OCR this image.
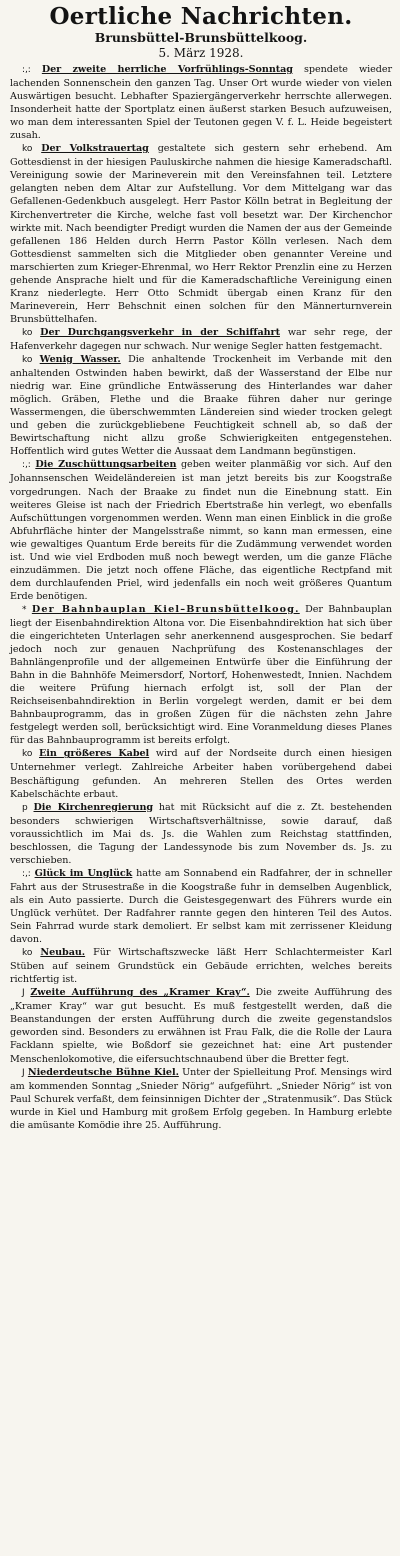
Oertliche Nachrichten.
Brunsbüttel-Brunsbüttelkoog.
5. März 1928.

:,: Der zweite herrliche Vorfrühlings-Sonntag spendete wieder lachenden Sonnenschein den ganzen Tag. Unser Ort wurde wieder von vielen Auswärtigen besucht. Lebhafter Spaziergängerverkehr herrschte allerwegen. Insonderheit hatte der Sportplatz einen äußerst starken Besuch aufzuweisen, wo man dem interessanten Spiel der Teutonen gegen V. f. L. Heide begeistert zusah.

ko Der Volkstrauertag gestaltete sich gestern sehr erhebend. Am Gottesdienst in der hiesigen Pauluskirche nahmen die hiesige Kameradschaftl. Vereinigung sowie der Marineverein mit den Vereinsfahnen teil. Letztere gelangten neben dem Altar zur Aufstellung. Vor dem Mittelgang war das Gefallenen-Gedenkbuch ausgelegt. Herr Pastor Kölln betrat in Begleitung der Kirchenvertreter die Kirche, welche fast voll besetzt war. Der Kirchenchor wirkte mit. Nach beendigter Predigt wurden die Namen der aus der Gemeinde gefallenen 186 Helden durch Herrn Pastor Kölln verlesen. Nach dem Gottesdienst sammelten sich die Mitglieder oben genannter Vereine und marschierten zum Krieger-Ehrenmal, wo Herr Rektor Prenzlin eine zu Herzen gehende Ansprache hielt und für die Kameradschaftliche Vereinigung einen Kranz niederlegte. Herr Otto Schmidt übergab einen Kranz für den Marineverein, Herr Behschnit einen solchen für den Männerturnverein Brunsbüttelhafen.

ko Der Durchgangsverkehr in der Schiffahrt war sehr rege, der Hafenverkehr dagegen nur schwach. Nur wenige Segler hatten festgemacht.

ko Wenig Wasser. Die anhaltende Trockenheit im Verbande mit den anhaltenden Ostwinden haben bewirkt, daß der Wasserstand der Elbe nur niedrig war. Eine gründliche Entwässerung des Hinterlandes war daher möglich. Gräben, Flethe und die Braake führen daher nur geringe Wassermengen, die überschwemmten Ländereien sind wieder trocken gelegt und geben die zurückgebliebene Feuchtigkeit schnell ab, so daß der Bewirtschaftung nicht allzu große Schwierigkeiten entgegenstehen. Hoffentlich wird gutes Wetter die Aussaat dem Landmann begünstigen.

:,: Die Zuschüttungsarbeiten geben weiter planmäßig vor sich. Auf den Johannsenschen Weideländereien ist man jetzt bereits bis zur Koogstraße vorgedrungen. Nach der Braake zu findet nun die Einebnung statt. Ein weiteres Gleise ist nach der Friedrich Ebertstraße hin verlegt, wo ebenfalls Aufschüttungen vorgenommen werden. Wenn man einen Einblick in die große Abfuhrfläche hinter der Mangelsstraße nimmt, so kann man ermessen, eine wie gewaltiges Quantum Erde bereits für die Zudämmung verwendet worden ist. Und wie viel Erdboden muß noch bewegt werden, um die ganze Fläche einzudämmen. Die jetzt noch offene Fläche, das eigentliche Rectpfand mit dem durchlaufenden Priel, wird jedenfalls ein noch weit größeres Quantum Erde benötigen.

* Der Bahnbauplan Kiel–Brunsbüttelkoog. Der Bahnbauplan liegt der Eisenbahndirektion Altona vor. Die Eisenbahndirektion hat sich über die eingerichteten Unterlagen sehr anerkennend ausgesprochen. Sie bedarf jedoch noch zur genauen Nachprüfung des Kostenanschlages der Bahnlängenprofile und der allgemeinen Entwürfe über die Einführung der Bahn in die Bahnhöfe Meimersdorf, Nortorf, Hohenwestedt, Innien. Nachdem die weitere Prüfung hiernach erfolgt ist, soll der Plan der Reichseisenbahndirektion in Berlin vorgelegt werden, damit er bei dem Bahnbauprogramm, das in großen Zügen für die nächsten zehn Jahre festgelegt werden soll, berücksichtigt wird. Eine Voranmeldung dieses Planes für das Bahnbauprogramm ist bereits erfolgt.

ko Ein größeres Kabel wird auf der Nordseite durch einen hiesigen Unternehmer verlegt. Zahlreiche Arbeiter haben vorübergehend dabei Beschäftigung gefunden. An mehreren Stellen des Ortes werden Kabelschächte erbaut.

p Die Kirchenregierung hat mit Rücksicht auf die z. Zt. bestehenden besonders schwierigen Wirtschaftsverhältnisse, sowie darauf, daß voraussichtlich im Mai ds. Js. die Wahlen zum Reichstag stattfinden, beschlossen, die Tagung der Landessynode bis zum November ds. Js. zu verschieben.

:,: Glück im Unglück hatte am Sonnabend ein Radfahrer, der in schneller Fahrt aus der Strusestraße in die Koogstraße fuhr in demselben Augenblick, als ein Auto passierte. Durch die Geistesgegenwart des Führers wurde ein Unglück verhütet. Der Radfahrer rannte gegen den hinteren Teil des Autos. Sein Fahrrad wurde stark demoliert. Er selbst kam mit zerrissener Kleidung davon.

ko Neubau. Für Wirtschaftszwecke läßt Herr Schlachtermeister Karl Stüben auf seinem Grundstück ein Gebäude errichten, welches bereits richtfertig ist.

J Zweite Aufführung des „Kramer Kray“. Die zweite Aufführung des „Kramer Kray“ war gut besucht. Es muß festgestellt werden, daß die Beanstandungen der ersten Aufführung durch die zweite gegenstandslos geworden sind. Besonders zu erwähnen ist Frau Falk, die die Rolle der Laura Facklann spielte, wie Boßdorf sie gezeichnet hat: eine Art pustender Menschenlokomotive, die eifersuchtschnaubend über die Bretter fegt.

J Niederdeutsche Bühne Kiel. Unter der Spielleitung Prof. Mensings wird am kommenden Sonntag „Snieder Nörig“ aufgeführt. „Snieder Nörig“ ist von Paul Schurek verfaßt, dem feinsinnigen Dichter der „Stratenmusik“. Das Stück wurde in Kiel und Hamburg mit großem Erfolg gegeben. In Hamburg erlebte die amüsante Komödie ihre 25. Aufführung.
